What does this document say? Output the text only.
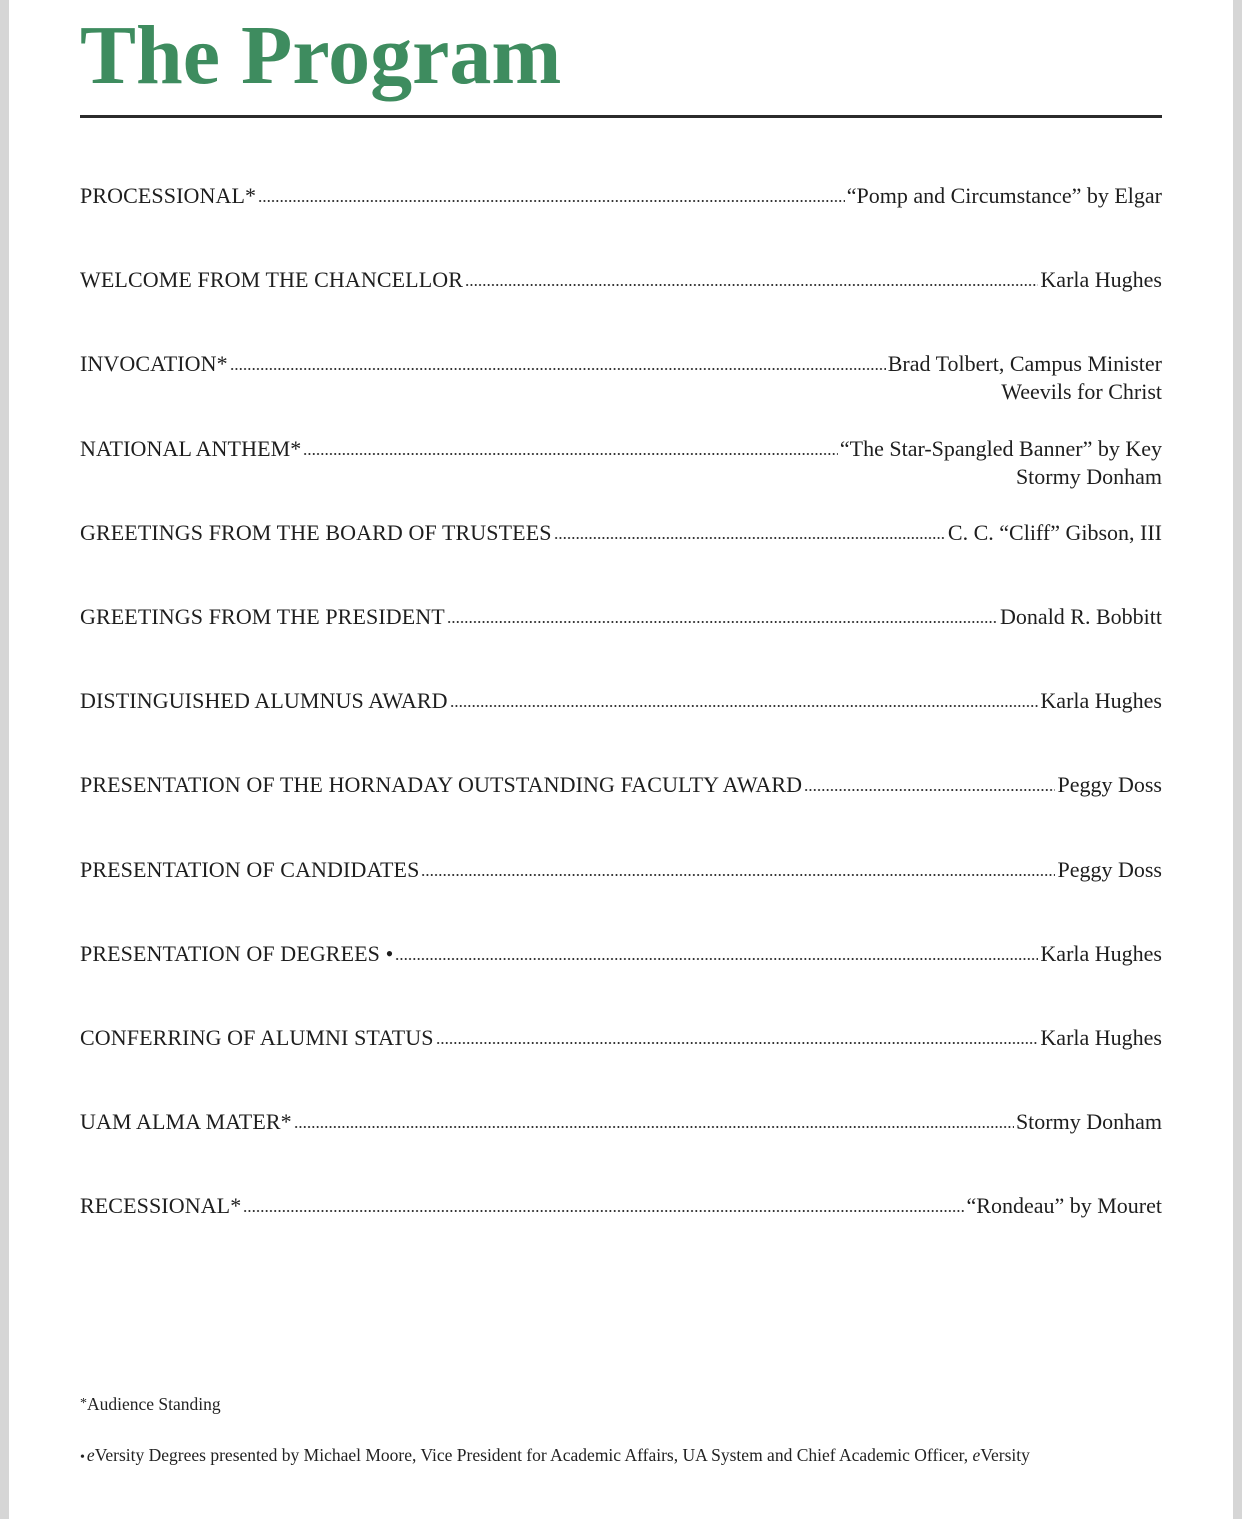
The Program
PROCESSIONAL*	“Pomp and Circumstance” by Elgar
WELCOME FROM THE CHANCELLOR	Karla Hughes
INVOCATION*	Brad Tolbert, Campus Minister
Weevils for Christ
NATIONAL ANTHEM*	“The Star-Spangled Banner” by Key
Stormy Donham
GREETINGS FROM THE BOARD OF TRUSTEES	C. C. “Cliff” Gibson, III
GREETINGS FROM THE PRESIDENT	Donald R. Bobbitt
DISTINGUISHED ALUMNUS AWARD	Karla Hughes
PRESENTATION OF THE HORNADAY OUTSTANDING FACULTY AWARD	Peggy Doss
PRESENTATION OF CANDIDATES	Peggy Doss
PRESENTATION OF DEGREES •	Karla Hughes
CONFERRING OF ALUMNI STATUS	Karla Hughes
UAM ALMA MATER*	Stormy Donham
RECESSIONAL*	“Rondeau” by Mouret
*Audience Standing
• eVersity Degrees presented by Michael Moore, Vice President for Academic Affairs, UA System and Chief Academic Officer, eVersity
